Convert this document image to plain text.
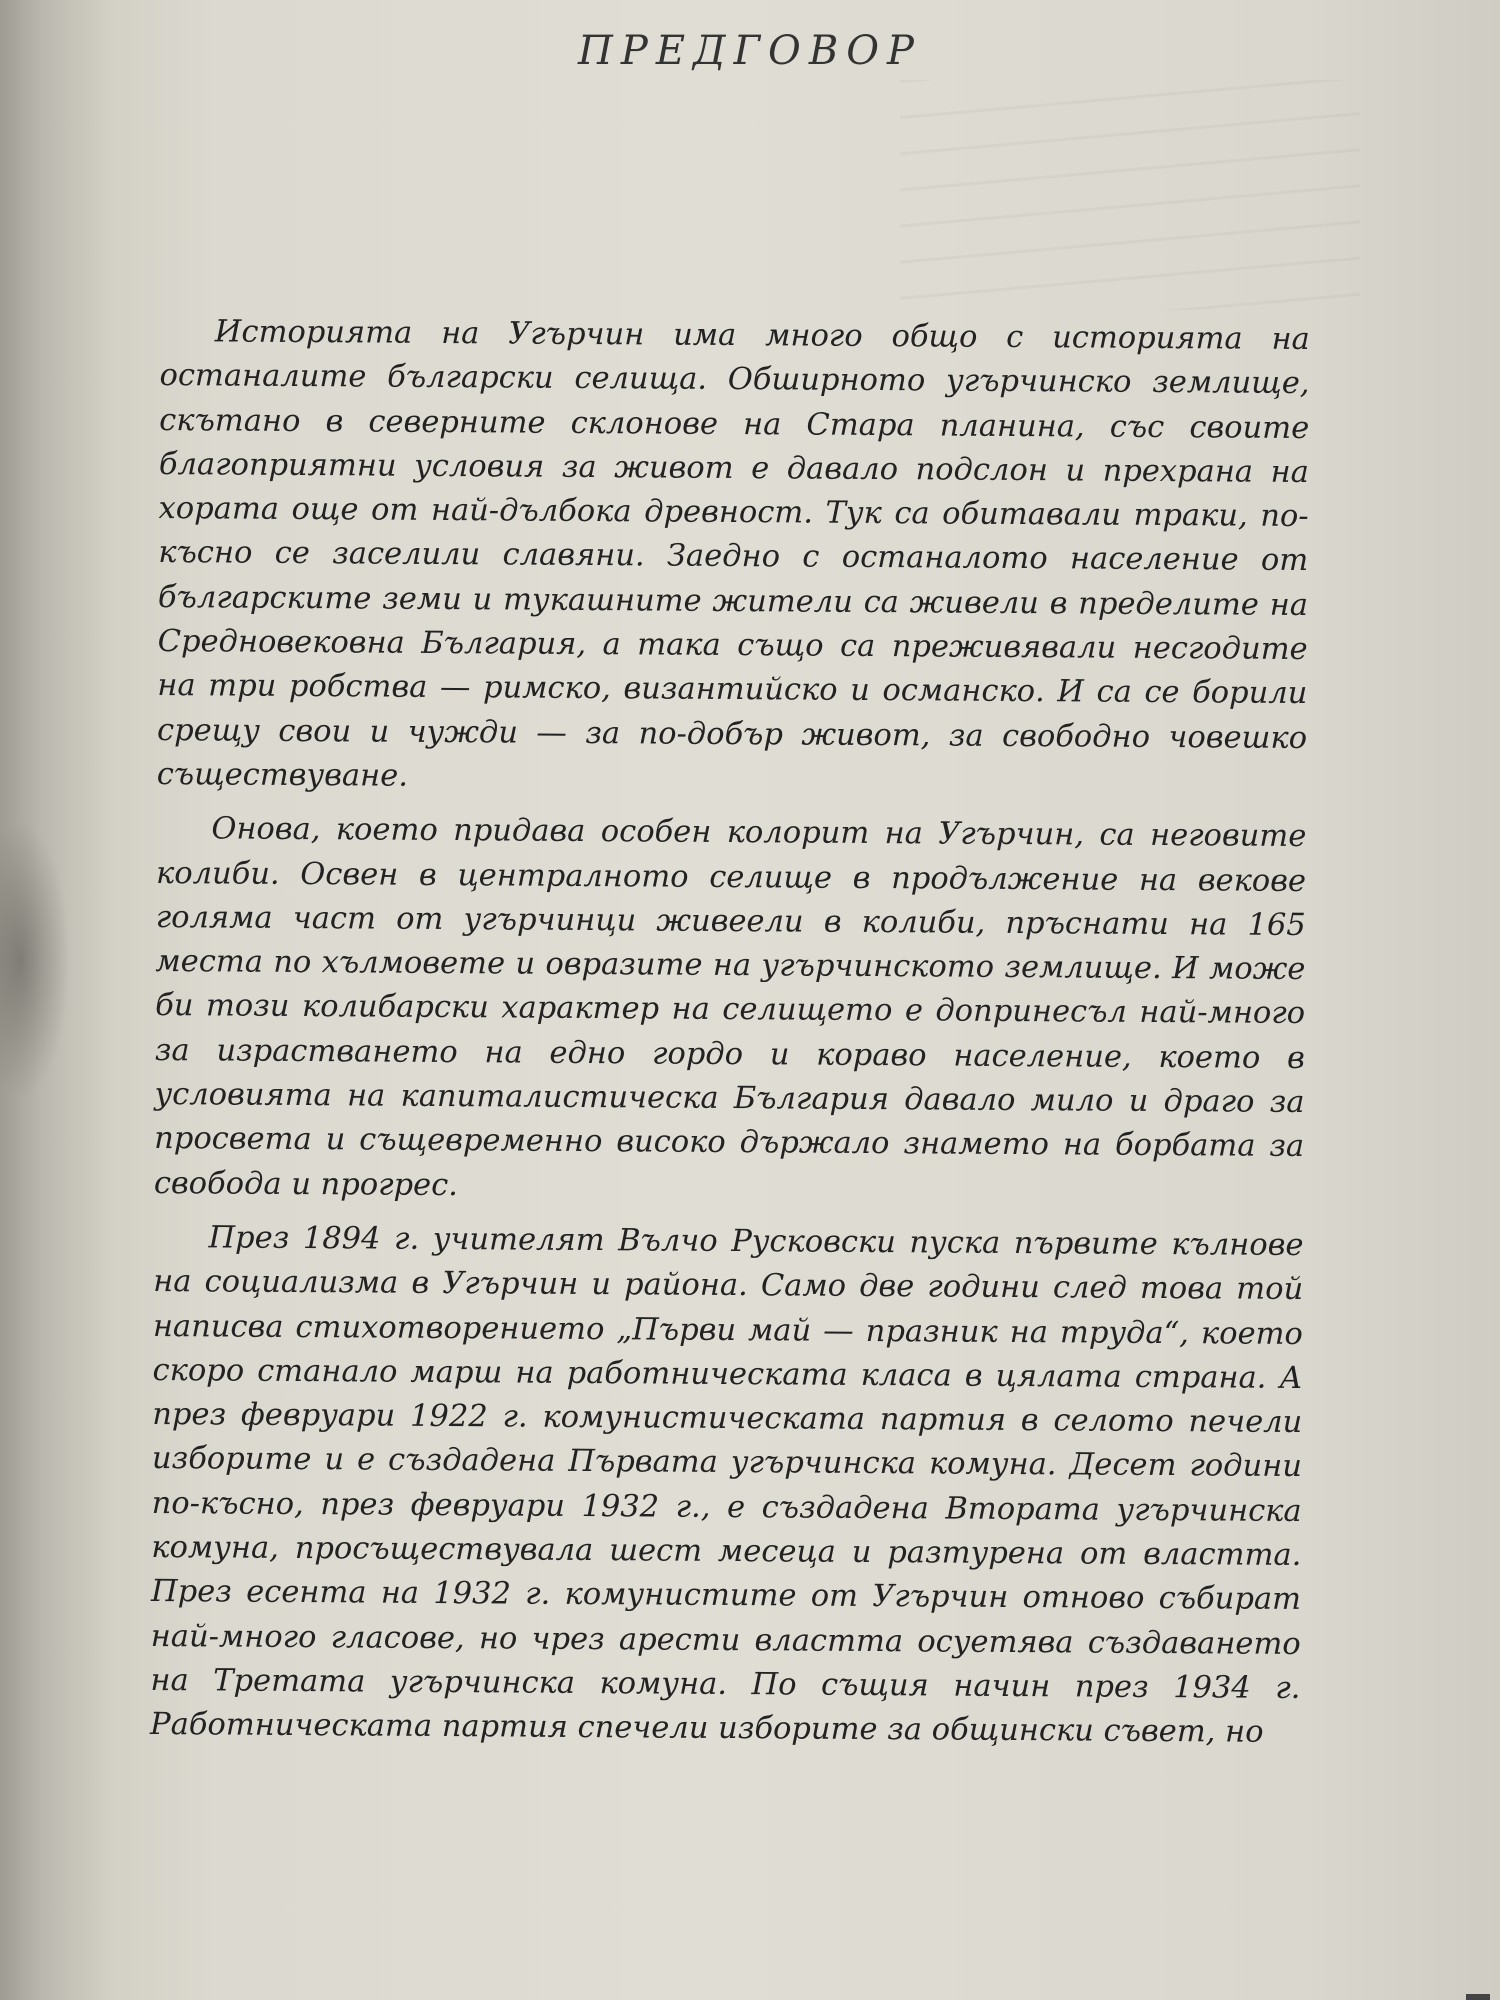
ПРЕДГОВОР

Историята на Угърчин има много общо с историята на останалите български селища. Обширното угърчинско землище, скътано в северните склонове на Стара планина, със своите благоприятни условия за живот е давало подслон и прехрана на хората още от най-дълбока древност. Тук са обитавали траки, по-късно се заселили славяни. Заедно с останалото население от българските земи и тукашните жители са живели в пределите на Средновековна България, а така също са преживявали несгодите на три робства — римско, византийско и османско. И са се борили срещу свои и чужди — за по-добър живот, за свободно човешко съществуване.

Онова, което придава особен колорит на Угърчин, са неговите колиби. Освен в централното селище в продължение на векове голяма част от угърчинци живеели в колиби, пръснати на 165 места по хълмовете и овразите на угърчинското землище. И може би този колибарски характер на селището е допринесъл най-много за израстването на едно гордо и кораво население, което в условията на капиталистическа България давало мило и драго за просвета и същевременно високо държало знамето на борбата за свобода и прогрес.

През 1894 г. учителят Вълчо Русковски пуска първите кълнове на социализма в Угърчин и района. Само две години след това той написва стихотворението „Първи май — празник на труда“, което скоро станало марш на работническата класа в цялата страна. А през февруари 1922 г. комунистическата партия в селото печели изборите и е създадена Първата угърчинска комуна. Десет години по-късно, през февруари 1932 г., е създадена Втората угърчинска комуна, просъществувала шест месеца и разтурена от властта. През есента на 1932 г. комунистите от Угърчин отново събират най-много гласове, но чрез арести властта осуетява създаването на Третата угърчинска комуна. По същия начин през 1934 г. Работническата партия спечели изборите за общински съвет, но
